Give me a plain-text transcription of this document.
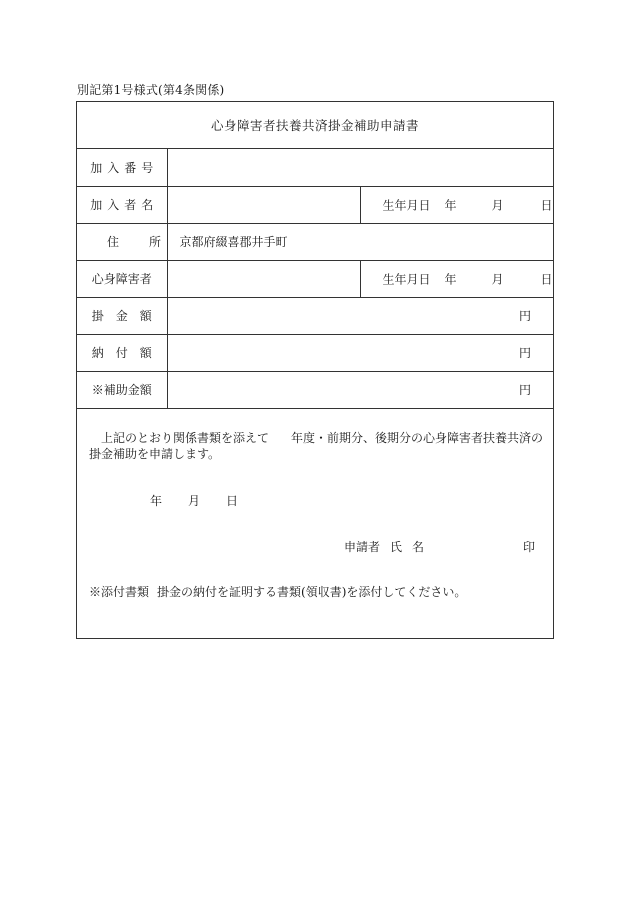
別記第1号様式(第4条関係)
心身障害者扶養共済掛金補助申請書
加入番号		
加入者名		生年月日 年 月 日

住所	京都府綴喜郡井手町	
心身障害者		生年月日 年 月 日

掛金額	円	
納付額	円	
※補助金額	円	
上記のとおり関係書類を添えて 年度・前期分、後期分の心身障害者扶養共済の掛金補助を申請します。
年 月 日
申請者 氏名	印
※添付書類 掛金の納付を証明する書類(領収書)を添付してください。
